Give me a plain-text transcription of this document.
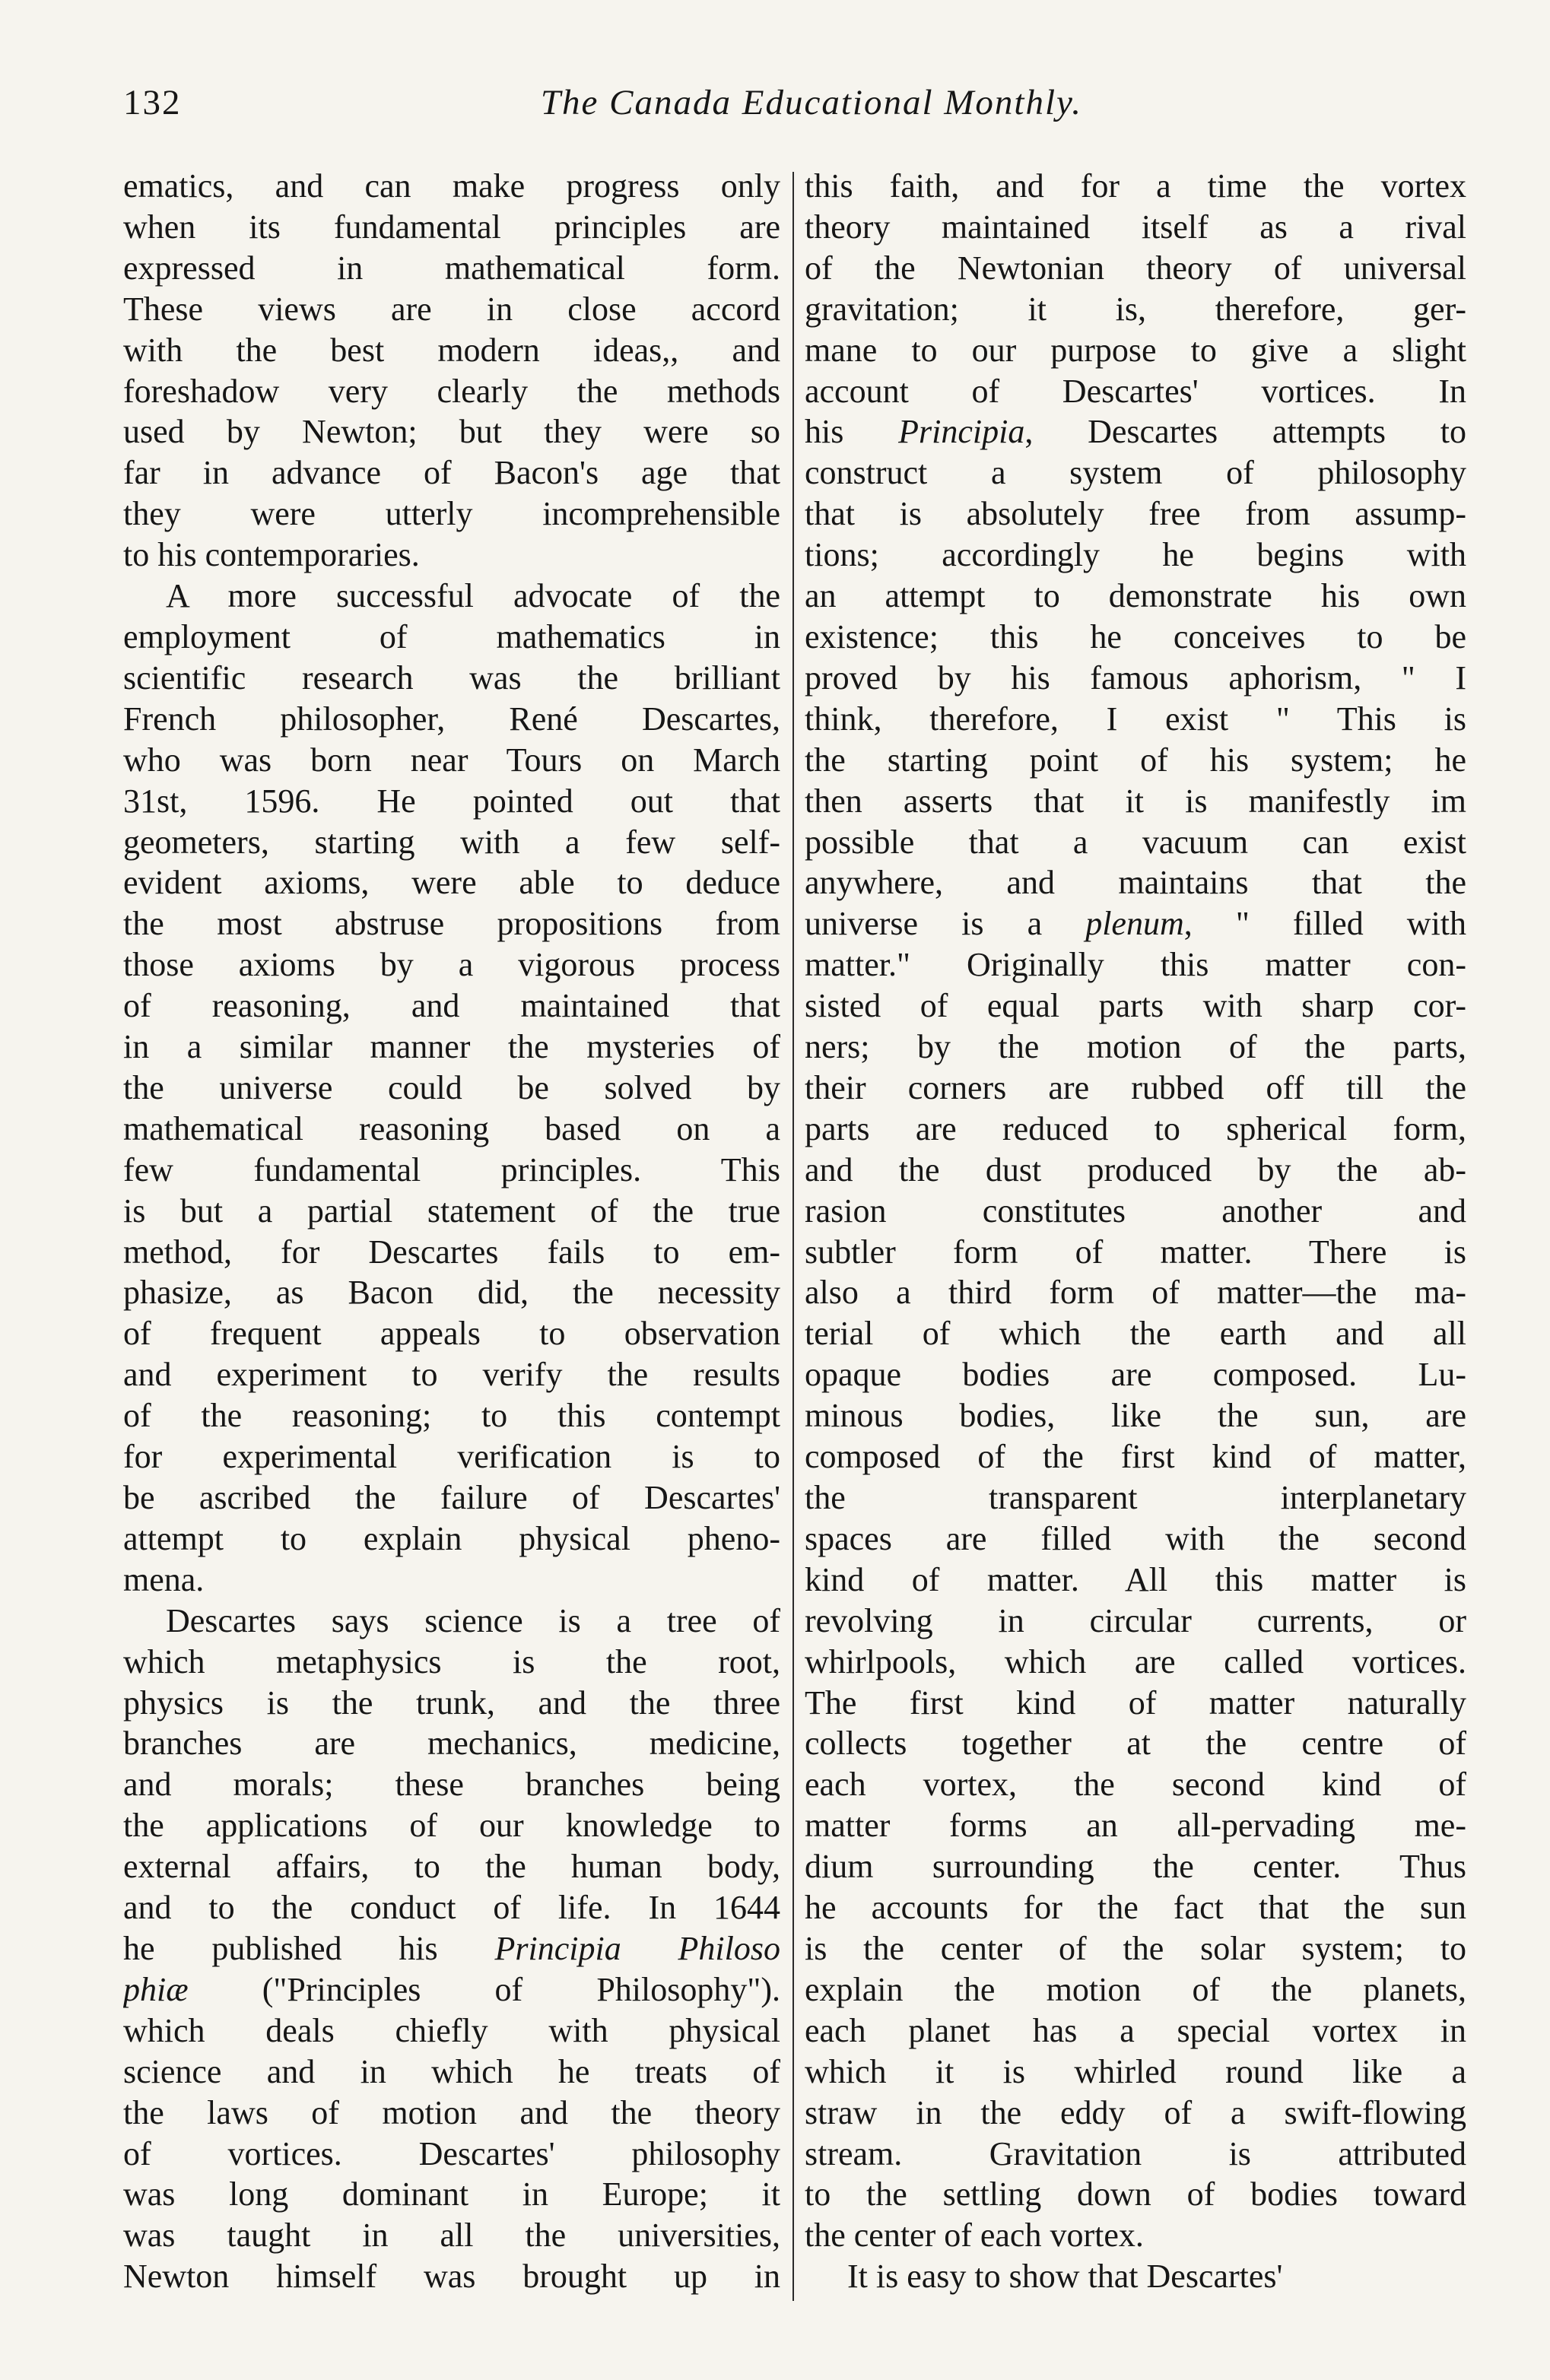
132	The Canada Educational Monthly.
ematics, and can make progress only
when its fundamental principles are
expressed in mathematical form.
These views are in close accord
with the best modern ideas,, and
foreshadow very clearly the methods
used by Newton; but they were so
far in advance of Bacon's age that
they were utterly incomprehensible
to his contemporaries.
A more successful advocate of the
employment of mathematics in
scientific research was the brilliant
French philosopher, René Descartes,
who was born near Tours on March
31st, 1596. He pointed out that
geometers, starting with a few self-
evident axioms, were able to deduce
the most abstruse propositions from
those axioms by a vigorous process
of reasoning, and maintained that
in a similar manner the mysteries of
the universe could be solved by
mathematical reasoning based on a
few fundamental principles. This
is but a partial statement of the true
method, for Descartes fails to em-
phasize, as Bacon did, the necessity
of frequent appeals to observation
and experiment to verify the results
of the reasoning; to this contempt
for experimental verification is to
be ascribed the failure of Descartes'
attempt to explain physical pheno-
mena.
Descartes says science is a tree of
which metaphysics is the root,
physics is the trunk, and the three
branches are mechanics, medicine,
and morals; these branches being
the applications of our knowledge to
external affairs, to the human body,
and to the conduct of life. In 1644
he published his Principia Philoso
phiæ ("Principles of Philosophy").
which deals chiefly with physical
science and in which he treats of
the laws of motion and the theory
of vortices. Descartes' philosophy
was long dominant in Europe; it
was taught in all the universities,
Newton himself was brought up in
this faith, and for a time the vortex
theory maintained itself as a rival
of the Newtonian theory of universal
gravitation; it is, therefore, ger-
mane to our purpose to give a slight
account of Descartes' vortices. In
his Principia, Descartes attempts to
construct a system of philosophy
that is absolutely free from assump-
tions; accordingly he begins with
an attempt to demonstrate his own
existence; this he conceives to be
proved by his famous aphorism, " I
think, therefore, I exist " This is
the starting point of his system; he
then asserts that it is manifestly im
possible that a vacuum can exist
anywhere, and maintains that the
universe is a plenum, " filled with
matter." Originally this matter con-
sisted of equal parts with sharp cor-
ners; by the motion of the parts,
their corners are rubbed off till the
parts are reduced to spherical form,
and the dust produced by the ab-
rasion constitutes another and
subtler form of matter. There is
also a third form of matter—the ma-
terial of which the earth and all
opaque bodies are composed. Lu-
minous bodies, like the sun, are
composed of the first kind of matter,
the transparent interplanetary
spaces are filled with the second
kind of matter. All this matter is
revolving in circular currents, or
whirlpools, which are called vortices.
The first kind of matter naturally
collects together at the centre of
each vortex, the second kind of
matter forms an all-pervading me-
dium surrounding the center. Thus
he accounts for the fact that the sun
is the center of the solar system; to
explain the motion of the planets,
each planet has a special vortex in
which it is whirled round like a
straw in the eddy of a swift-flowing
stream. Gravitation is attributed
to the settling down of bodies toward
the center of each vortex.
It is easy to show that Descartes'
